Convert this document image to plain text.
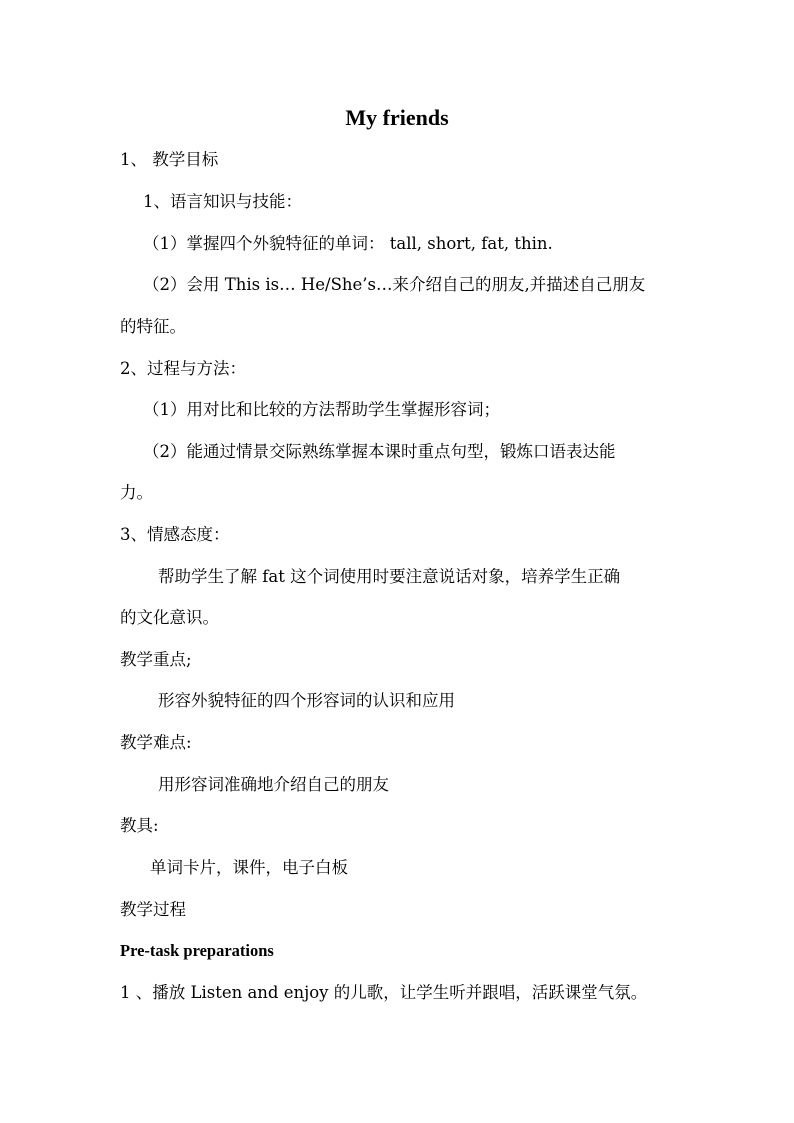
My friends
1、 教学目标
1、语言知识与技能：
（1）掌握四个外貌特征的单词： tall, short, fat, thin.
（2）会用 This is… He/She’s…来介绍自己的朋友,并描述自己朋友
的特征。
2、过程与方法：
（1）用对比和比较的方法帮助学生掌握形容词；
（2）能通过情景交际熟练掌握本课时重点句型，锻炼口语表达能
力。
3、情感态度：
帮助学生了解 fat 这个词使用时要注意说话对象，培养学生正确
的文化意识。
教学重点;
形容外貌特征的四个形容词的认识和应用
教学难点:
用形容词准确地介绍自己的朋友
教具:
单词卡片，课件，电子白板
教学过程
Pre-task preparations
1 、播放 Listen and enjoy 的儿歌，让学生听并跟唱，活跃课堂气氛。
